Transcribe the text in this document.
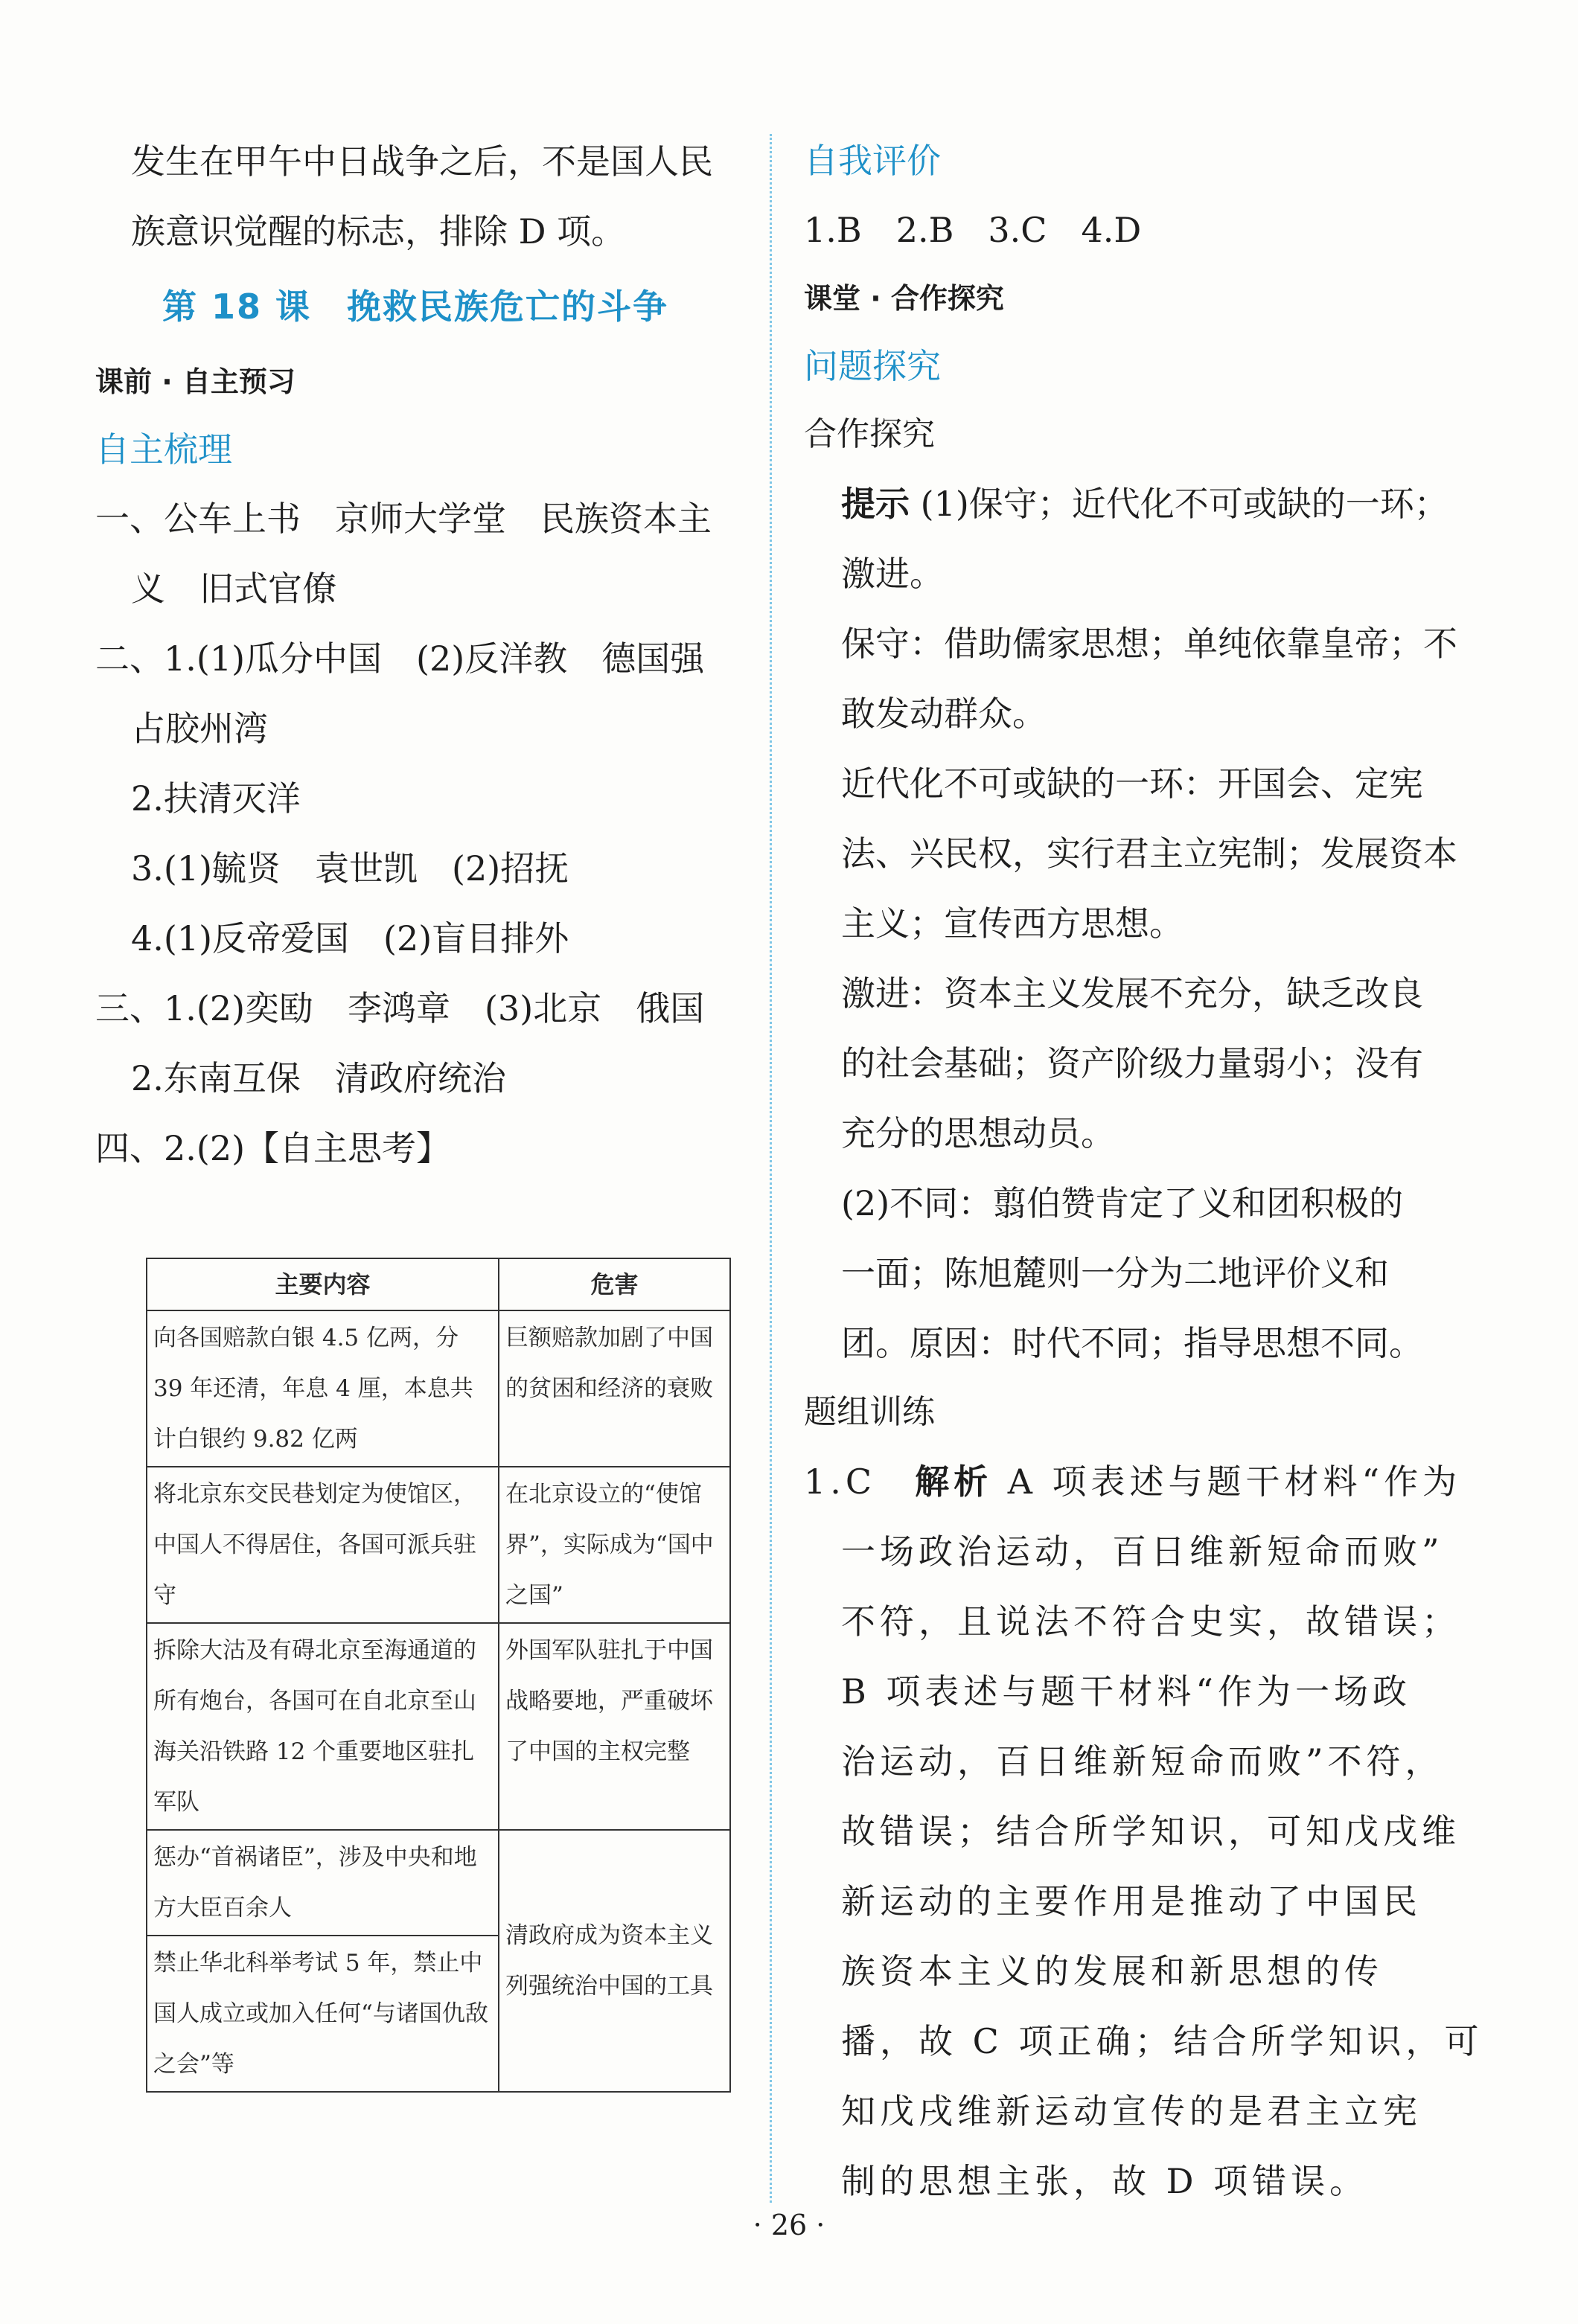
发生在甲午中日战争之后，不是国人民

族意识觉醒的标志，排除 D 项。

第 18 课　挽救民族危亡的斗争

课前 · 自主预习

自主梳理

一、公车上书　京师大学堂　民族资本主

义　旧式官僚

二、1.(1)瓜分中国　(2)反洋教　德国强

占胶州湾

2.扶清灭洋

3.(1)毓贤　袁世凯　(2)招抚

4.(1)反帝爱国　(2)盲目排外

三、1.(2)奕劻　李鸿章　(3)北京　俄国

2.东南互保　清政府统治

四、2.(2)【自主思考】

主要内容	危害
向各国赔款白银 4.5 亿两，分 39 年还清，年息 4 厘，本息共计白银约 9.82 亿两	巨额赔款加剧了中国的贫困和经济的衰败
将北京东交民巷划定为使馆区，中国人不得居住，各国可派兵驻守	在北京设立的“使馆界”，实际成为“国中之国”
拆除大沽及有碍北京至海通道的所有炮台，各国可在自北京至山海关沿铁路 12 个重要地区驻扎军队	外国军队驻扎于中国战略要地，严重破坏了中国的主权完整
惩办“首祸诸臣”，涉及中央和地方大臣百余人	清政府成为资本主义列强统治中国的工具
禁止华北科举考试 5 年，禁止中国人成立或加入任何“与诸国仇敌之会”等	

自我评价

1.B　2.B　3.C　4.D

课堂 · 合作探究

问题探究

合作探究

提示 (1)保守；近代化不可或缺的一环；

激进。

保守：借助儒家思想；单纯依靠皇帝；不

敢发动群众。

近代化不可或缺的一环：开国会、定宪

法、兴民权，实行君主立宪制；发展资本

主义；宣传西方思想。

激进：资本主义发展不充分，缺乏改良

的社会基础；资产阶级力量弱小；没有

充分的思想动员。

(2)不同：翦伯赞肯定了义和团积极的

一面；陈旭麓则一分为二地评价义和

团。原因：时代不同；指导思想不同。

题组训练

1.C　 解析 A 项表述与题干材料“作为

一场政治运动，百日维新短命而败”

不符，且说法不符合史实，故错误；

B 项表述与题干材料“作为一场政

治运动，百日维新短命而败”不符，

故错误；结合所学知识，可知戊戌维

新运动的主要作用是推动了中国民

族资本主义的发展和新思想的传

播，故 C 项正确；结合所学知识，可

知戊戌维新运动宣传的是君主立宪

制的思想主张，故 D 项错误。

· 26 ·
